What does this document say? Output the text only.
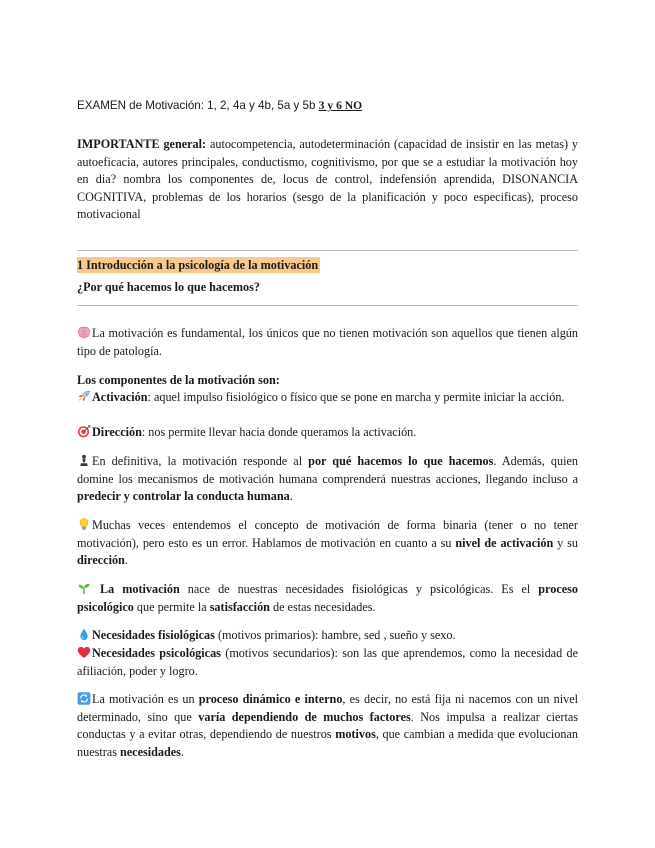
EXAMEN de Motivación: 1, 2, 4a y 4b, 5a y 5b 3 y 6 NO
IMPORTANTE general: autocompetencia, autodeterminación (capacidad de insistir en las metas) y autoeficacia, autores principales, conductismo, cognitivismo, por que se a estudiar la motivación hoy en dia? nombra los componentes de, locus de control, indefensión aprendida, DISONANCIA COGNITIVA, problemas de los horarios (sesgo de la planificación y poco especificas), proceso motivacional
1 Introducción a la psicología de la motivación
¿Por qué hacemos lo que hacemos?
La motivación es fundamental, los únicos que no tienen motivación son aquellos que tienen algún tipo de patología.
Los componentes de la motivación son:
Activación: aquel impulso fisiológico o físico que se pone en marcha y permite iniciar la acción.
Dirección: nos permite llevar hacia donde queramos la activación.
En definitiva, la motivación responde al por qué hacemos lo que hacemos. Además, quien domine los mecanismos de motivación humana comprenderá nuestras acciones, llegando incluso a predecir y controlar la conducta humana.
Muchas veces entendemos el concepto de motivación de forma binaria (tener o no tener motivación), pero esto es un error. Hablamos de motivación en cuanto a su nivel de activación y su dirección.
La motivación nace de nuestras necesidades fisiológicas y psicológicas. Es el proceso psicológico que permite la satisfacción de estas necesidades.
Necesidades fisiológicas (motivos primarios): hambre, sed , sueño y sexo.
Necesidades psicológicas (motivos secundarios): son las que aprendemos, como la necesidad de afiliación, poder y logro.
La motivación es un proceso dinámico e interno, es decir, no está fija ni nacemos con un nivel determinado, sino que varía dependiendo de muchos factores. Nos impulsa a realizar ciertas conductas y a evitar otras, dependiendo de nuestros motivos, que cambian a medida que evolucionan nuestras necesidades.
